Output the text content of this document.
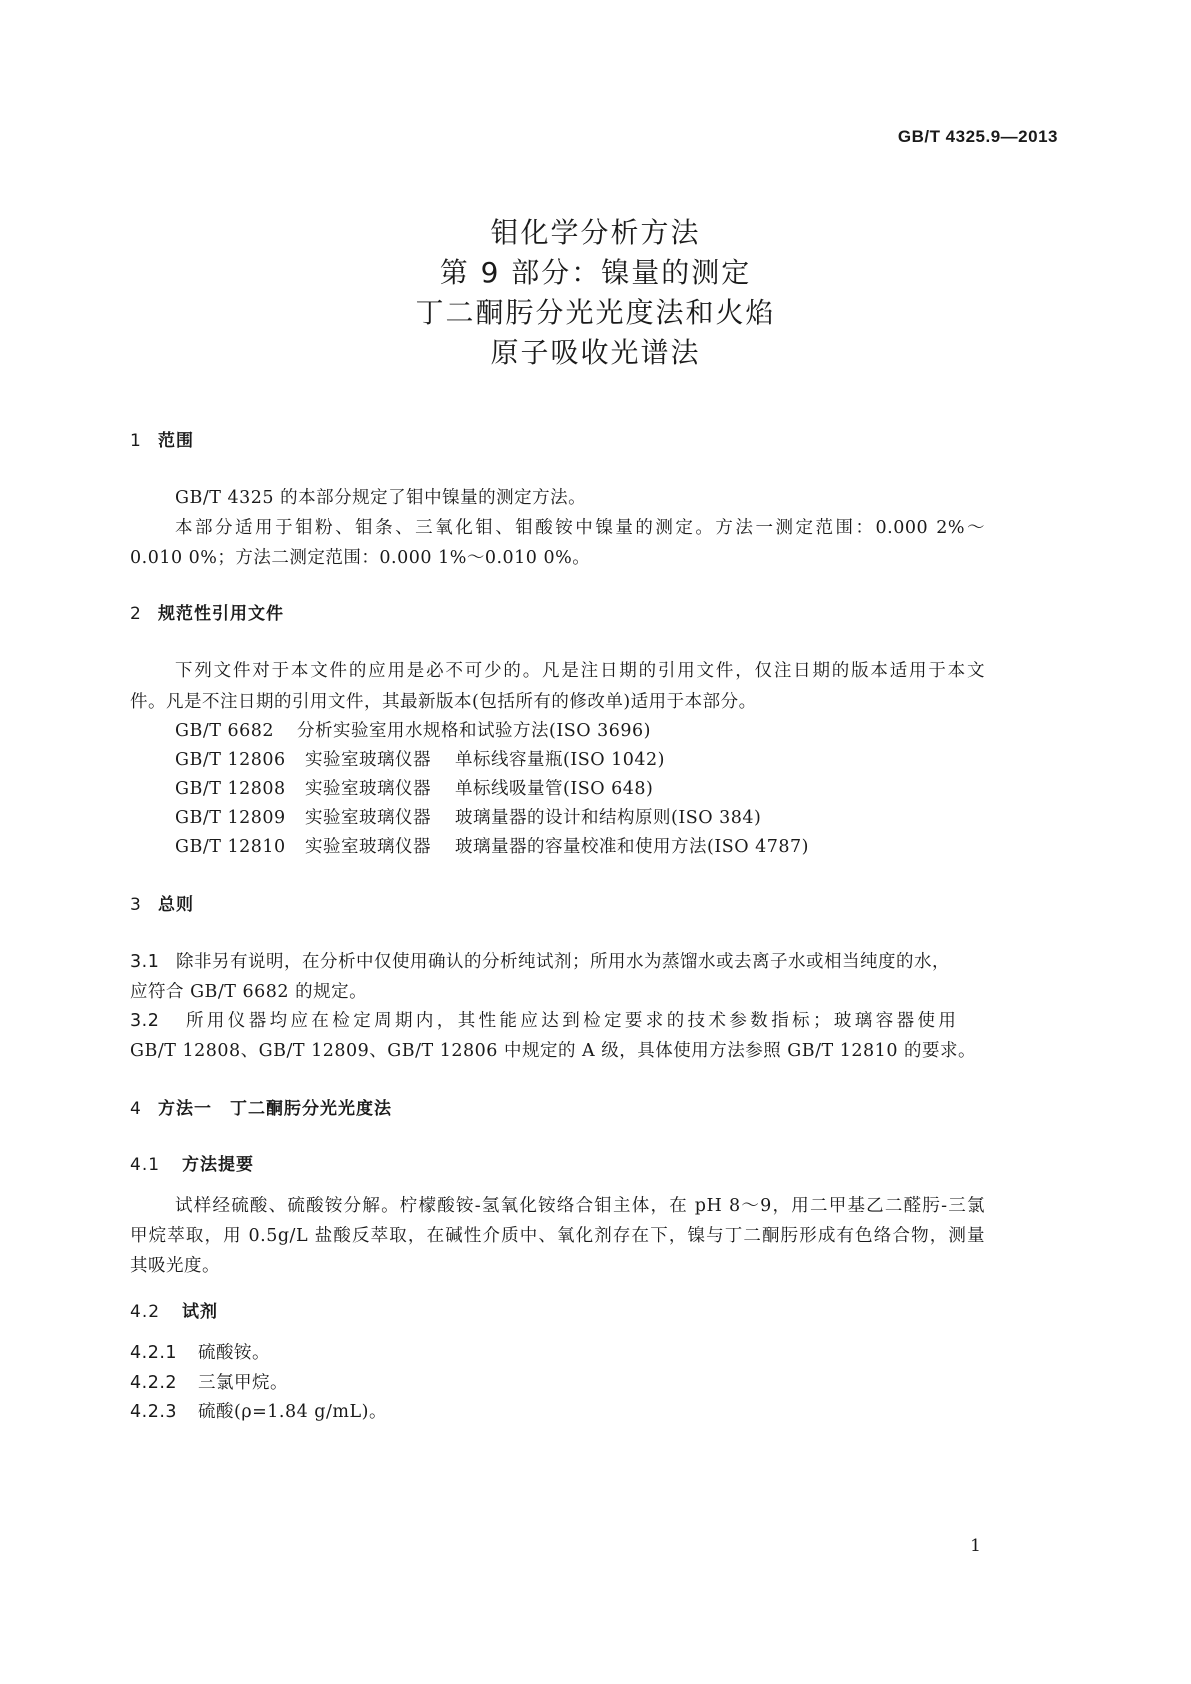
GB/T 4325.9—2013
钼化学分析方法
第 9 部分：镍量的测定
丁二酮肟分光光度法和火焰
原子吸收光谱法
1 范围
GB/T 4325 的本部分规定了钼中镍量的测定方法。
本部分适用于钼粉、钼条、三氧化钼、钼酸铵中镍量的测定。方法一测定范围：0.000 2%～
0.010 0%；方法二测定范围：0.000 1%～0.010 0%。
2 规范性引用文件
下列文件对于本文件的应用是必不可少的。凡是注日期的引用文件，仅注日期的版本适用于本文
件。凡是不注日期的引用文件，其最新版本(包括所有的修改单)适用于本部分。
GB/T 6682 分析实验室用水规格和试验方法(ISO 3696)
GB/T 12806 实验室玻璃仪器 单标线容量瓶(ISO 1042)
GB/T 12808 实验室玻璃仪器 单标线吸量管(ISO 648)
GB/T 12809 实验室玻璃仪器 玻璃量器的设计和结构原则(ISO 384)
GB/T 12810 实验室玻璃仪器 玻璃量器的容量校准和使用方法(ISO 4787)
3 总则
3.1 除非另有说明，在分析中仅使用确认的分析纯试剂；所用水为蒸馏水或去离子水或相当纯度的水，
应符合 GB/T 6682 的规定。
3.2 所用仪器均应在检定周期内，其性能应达到检定要求的技术参数指标；玻璃容器使用
GB/T 12808、GB/T 12809、GB/T 12806 中规定的 A 级，具体使用方法参照 GB/T 12810 的要求。
4 方法一　丁二酮肟分光光度法
4.1 方法提要
试样经硫酸、硫酸铵分解。柠檬酸铵-氢氧化铵络合钼主体，在 pH 8～9，用二甲基乙二醛肟-三氯
甲烷萃取，用 0.5g/L 盐酸反萃取，在碱性介质中、氧化剂存在下，镍与丁二酮肟形成有色络合物，测量
其吸光度。
4.2 试剂
4.2.1 硫酸铵。
4.2.2 三氯甲烷。
4.2.3 硫酸(ρ=1.84 g/mL)。
1
